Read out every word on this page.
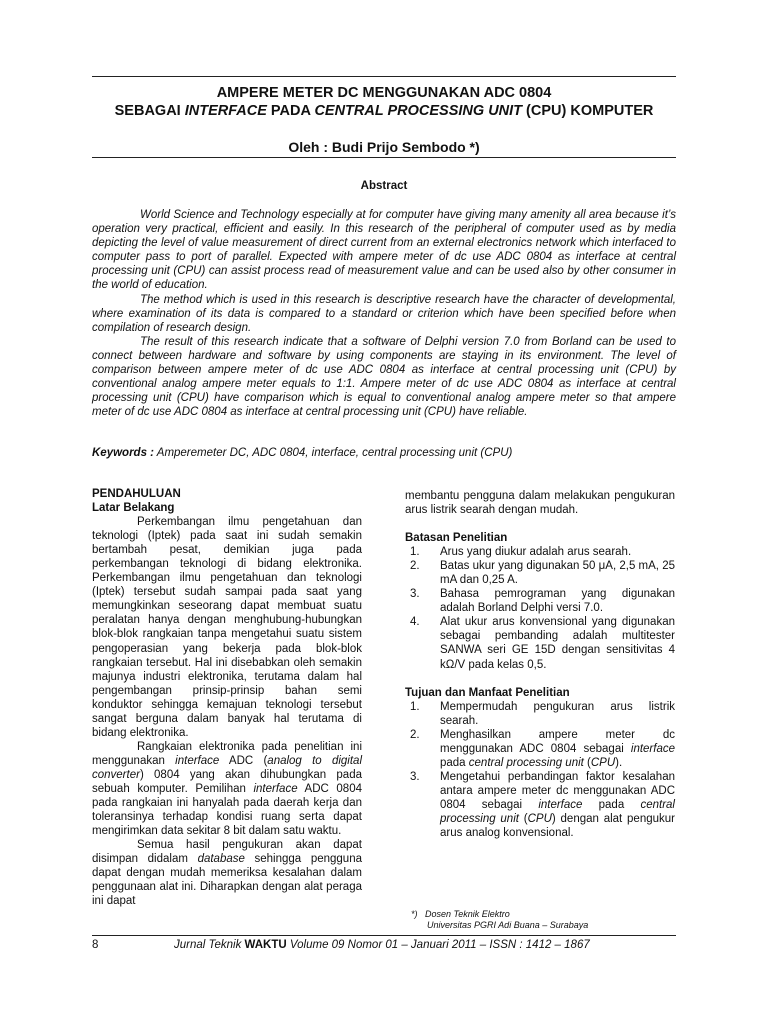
AMPERE METER DC MENGGUNAKAN ADC 0804
SEBAGAI INTERFACE PADA CENTRAL PROCESSING UNIT (CPU) KOMPUTER

Oleh : Budi Prijo Sembodo *)

Abstract

World Science and Technology especially at for computer have giving many amenity all area because it’s operation very practical, efficient and easily. In this research of the peripheral of computer used as by media depicting the level of value measurement of direct current from an external electronics network which interfaced to computer pass to port of parallel. Expected with ampere meter of dc use ADC 0804 as interface at central processing unit (CPU) can assist process read of measurement value and can be used also by other consumer in the world of education.

The method which is used in this research is descriptive research have the character of developmental, where examination of its data is compared to a standard or criterion which have been specified before when compilation of research design.

The result of this research indicate that a software of Delphi version 7.0 from Borland can be used to connect between hardware and software by using components are staying in its environment. The level of comparison between ampere meter of dc use ADC 0804 as interface at central processing unit (CPU) by conventional analog ampere meter equals to 1:1. Ampere meter of dc use ADC 0804 as interface at central processing unit (CPU) have comparison which is equal to conventional analog ampere meter so that ampere meter of dc use ADC 0804 as interface at central processing unit (CPU) have reliable.

Keywords : Amperemeter DC, ADC 0804, interface, central processing unit (CPU)

PENDAHULUAN

Latar Belakang

Perkembangan ilmu pengetahuan dan teknologi (Iptek) pada saat ini sudah semakin bertambah pesat, demikian juga pada perkembangan teknologi di bidang elektronika. Perkembangan ilmu pengetahuan dan teknologi (Iptek) tersebut sudah sampai pada saat yang memungkinkan seseorang dapat membuat suatu peralatan hanya dengan menghubung-hubungkan blok-blok rangkaian tanpa mengetahui suatu sistem pengoperasian yang bekerja pada blok-blok rangkaian tersebut. Hal ini disebabkan oleh semakin majunya industri elektronika, terutama dalam hal pengembangan prinsip-prinsip bahan semi konduktor sehingga kemajuan teknologi tersebut sangat berguna dalam banyak hal terutama di bidang elektronika.

Rangkaian elektronika pada penelitian ini menggunakan interface ADC (analog to digital converter) 0804 yang akan dihubungkan pada sebuah komputer. Pemilihan interface ADC 0804 pada rangkaian ini hanyalah pada daerah kerja dan toleransinya terhadap kondisi ruang serta dapat mengirimkan data sekitar 8 bit dalam satu waktu.

Semua hasil pengukuran akan dapat disimpan didalam database sehingga pengguna dapat dengan mudah memeriksa kesalahan dalam penggunaan alat ini. Diharapkan dengan alat peraga ini dapat

membantu pengguna dalam melakukan pengukuran arus listrik searah dengan mudah.

Batasan Penelitian

1. Arus yang diukur adalah arus searah.
2. Batas ukur yang digunakan 50 μA, 2,5 mA, 25 mA dan 0,25 A.
3. Bahasa pemrograman yang digunakan adalah Borland Delphi versi 7.0.
4. Alat ukur arus konvensional yang digunakan sebagai pembanding adalah multitester SANWA seri GE 15D dengan sensitivitas 4 kΩ/V pada kelas 0,5.

Tujuan dan Manfaat Penelitian

1. Mempermudah pengukuran arus listrik searah.
2. Menghasilkan ampere meter dc menggunakan ADC 0804 sebagai interface pada central processing unit (CPU).
3. Mengetahui perbandingan faktor kesalahan antara ampere meter dc menggunakan ADC 0804 sebagai interface pada central processing unit (CPU) dengan alat pengukur arus analog konvensional.
*) Dosen Teknik Elektro
Universitas PGRI Adi Buana – Surabaya
8	Jurnal Teknik WAKTU Volume 09 Nomor 01 – Januari 2011 – ISSN : 1412 – 1867
